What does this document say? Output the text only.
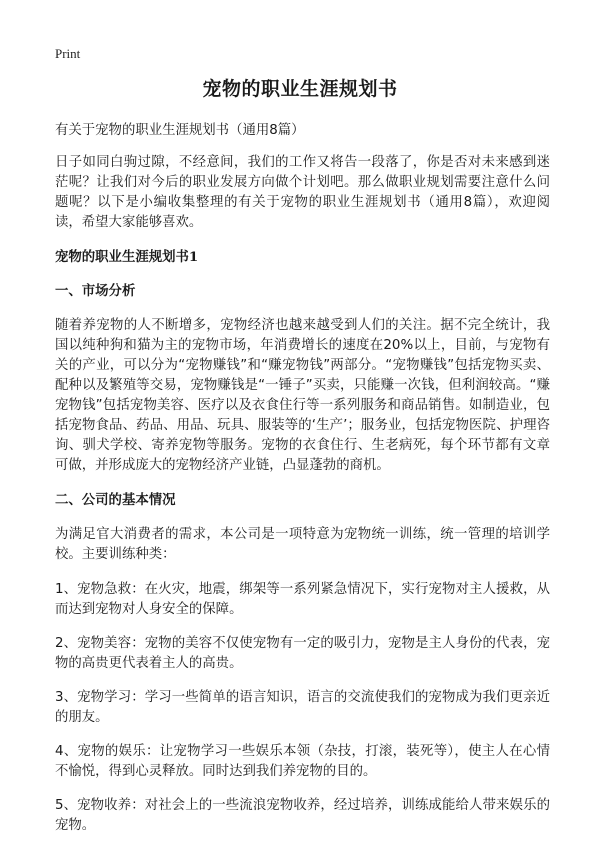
Print
宠物的职业生涯规划书

有关于宠物的职业生涯规划书（通用8篇）

日子如同白驹过隙，不经意间，我们的工作又将告一段落了，你是否对未来感到迷茫呢？让我们对今后的职业发展方向做个计划吧。那么做职业规划需要注意什么问题呢？以下是小编收集整理的有关于宠物的职业生涯规划书（通用8篇），欢迎阅读，希望大家能够喜欢。

宠物的职业生涯规划书1
一、市场分析

随着养宠物的人不断增多，宠物经济也越来越受到人们的关注。据不完全统计，我国以纯种狗和猫为主的宠物市场，年消费增长的速度在20%以上，目前，与宠物有关的产业，可以分为“宠物赚钱”和“赚宠物钱”两部分。“宠物赚钱”包括宠物买卖、配种以及繁殖等交易，宠物赚钱是“一锤子”买卖，只能赚一次钱，但利润较高。“赚宠物钱”包括宠物美容、医疗以及衣食住行等一系列服务和商品销售。如制造业，包括宠物食品、药品、用品、玩具、服装等的‘生产’；服务业，包括宠物医院、护理咨询、驯犬学校、寄养宠物等服务。宠物的衣食住行、生老病死，每个环节都有文章可做，并形成庞大的宠物经济产业链，凸显蓬勃的商机。

二、公司的基本情况

为满足官大消费者的需求，本公司是一项特意为宠物统一训练，统一管理的培训学校。主要训练种类：

1、宠物急救：在火灾，地震，绑架等一系列紧急情况下，实行宠物对主人援救，从而达到宠物对人身安全的保障。

2、宠物美容：宠物的美容不仅使宠物有一定的吸引力，宠物是主人身份的代表，宠物的高贵更代表着主人的高贵。

3、宠物学习：学习一些简单的语言知识，语言的交流使我们的宠物成为我们更亲近的朋友。

4、宠物的娱乐：让宠物学习一些娱乐本领（杂技，打滚，装死等），使主人在心情不愉悦，得到心灵释放。同时达到我们养宠物的目的。

5、宠物收养：对社会上的一些流浪宠物收养，经过培养，训练成能给人带来娱乐的宠物。
